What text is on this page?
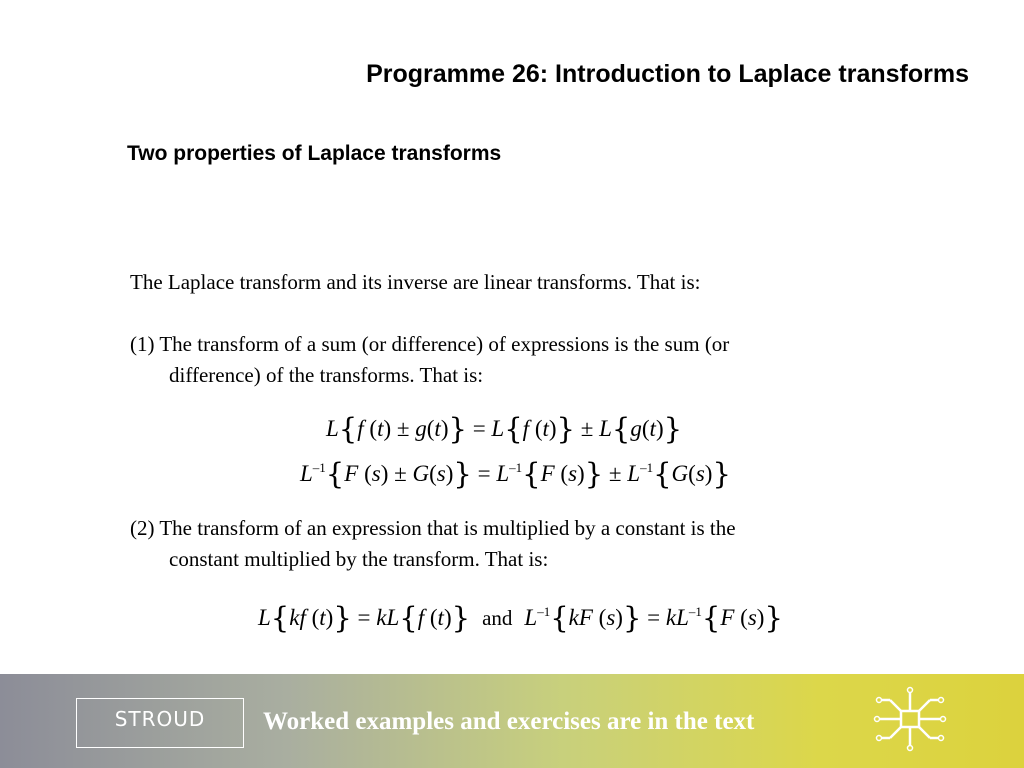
Programme 26: Introduction to Laplace transforms
Two properties of Laplace transforms
The Laplace transform and its inverse are linear transforms. That is:
(1) The transform of a sum (or difference) of expressions is the sum (or
difference) of the transforms. That is:
L{f (t) ± g(t)} = L{f (t)} ± L{g(t)}
$L^{-1}\{F$ $(s) \pm G(s)\} = L^{-1}\{F$ $(s)\} \pm L^{-1}\{G(s)\}$
(2) The transform of an expression that is multiplied by a constant is the
constant multiplied by the transform. That is:
L{kf (t)} = kL{f (t)} and $L^{-1}\{kF$ $(s)\} = kL^{-1}\{F$ (s)}
STROUD	Worked examples and exercises are in the text
